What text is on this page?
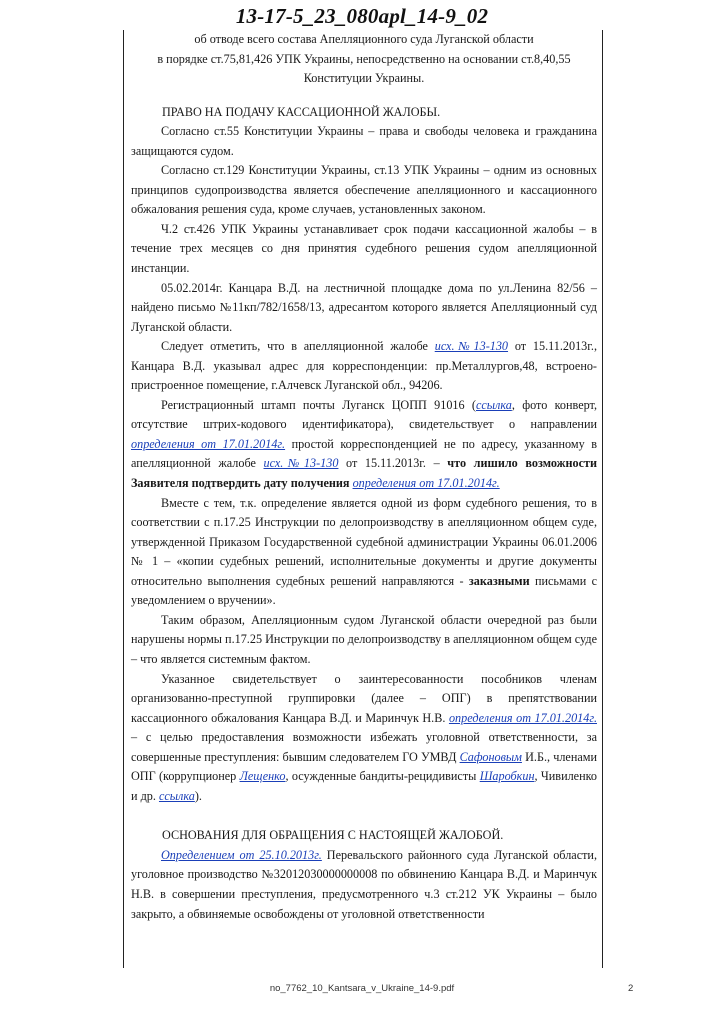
13-17-5_23_080apl_14-9_02

об отводе всего состава Апелляционного суда Луганской области

в порядке ст.75,81,426 УПК Украины, непосредственно на основании ст.8,40,55

Конституции Украины.

ПРАВО НА ПОДАЧУ КАССАЦИОННОЙ ЖАЛОБЫ.

Согласно ст.55 Конституции Украины – права и свободы человека и гражданина защищаются судом.

Согласно ст.129 Конституции Украины, ст.13 УПК Украины – одним из основных принципов судопроизводства является обеспечение апелляционного и кассационного обжалования решения суда, кроме случаев, установленных законом.

Ч.2 ст.426 УПК Украины устанавливает срок подачи кассационной жалобы – в течение трех месяцев со дня принятия судебного решения судом апелляционной инстанции.

05.02.2014г. Канцара В.Д. на лестничной площадке дома по ул.Ленина 82/56 – найдено письмо №11кп/782/1658/13, адресантом которого является Апелляционный суд Луганской области.

Следует отметить, что в апелляционной жалобе исх.№13-130 от 15.11.2013г., Канцара В.Д. указывал адрес для корреспонденции: пр.Металлургов,48, встроено-пристроенное помещение, г.Алчевск Луганской обл., 94206.

Регистрационный штамп почты Луганск ЦОПП 91016 (ссылка, фото конверт, отсутствие штрих-кодового идентификатора), свидетельствует о направлении определения от 17.01.2014г. простой корреспонденцией не по адресу, указанному в апелляционной жалобе исх.№13-130 от 15.11.2013г. – что лишило возможности Заявителя подтвердить дату получения определения от 17.01.2014г.

Вместе с тем, т.к. определение является одной из форм судебного решения, то в соответствии с п.17.25 Инструкции по делопроизводству в апелляционном общем суде, утвержденной Приказом Государственной судебной администрации Украины 06.01.2006 № 1 – «копии судебных решений, исполнительные документы и другие документы относительно выполнения судебных решений направляются - заказными письмами с уведомлением о вручении».

Таким образом, Апелляционным судом Луганской области очередной раз были нарушены нормы п.17.25 Инструкции по делопроизводству в апелляционном общем суде – что является системным фактом.

Указанное свидетельствует о заинтересованности пособников членам организованно-преступной группировки (далее – ОПГ) в препятствовании кассационного обжалования Канцара В.Д. и Маринчук Н.В. определения от 17.01.2014г. – с целью предоставления возможности избежать уголовной ответственности, за совершенные преступления: бывшим следователем ГО УМВД Сафоновым И.Б., членами ОПГ (коррупционер Лещенко, осужденные бандиты-рецидивисты Шаробкин, Чивиленко и др. ссылка).

ОСНОВАНИЯ ДЛЯ ОБРАЩЕНИЯ С НАСТОЯЩЕЙ ЖАЛОБОЙ.

Определением от 25.10.2013г. Перевальского районного суда Луганской области, уголовное производство №32012030000000008 по обвинению Канцара В.Д. и Маринчук Н.В. в совершении преступления, предусмотренного ч.3 ст.212 УК Украины – было закрыто, а обвиняемые освобождены от уголовной ответственности

no_7762_10_Kantsara_v_Ukraine_14-9.pdf	2
